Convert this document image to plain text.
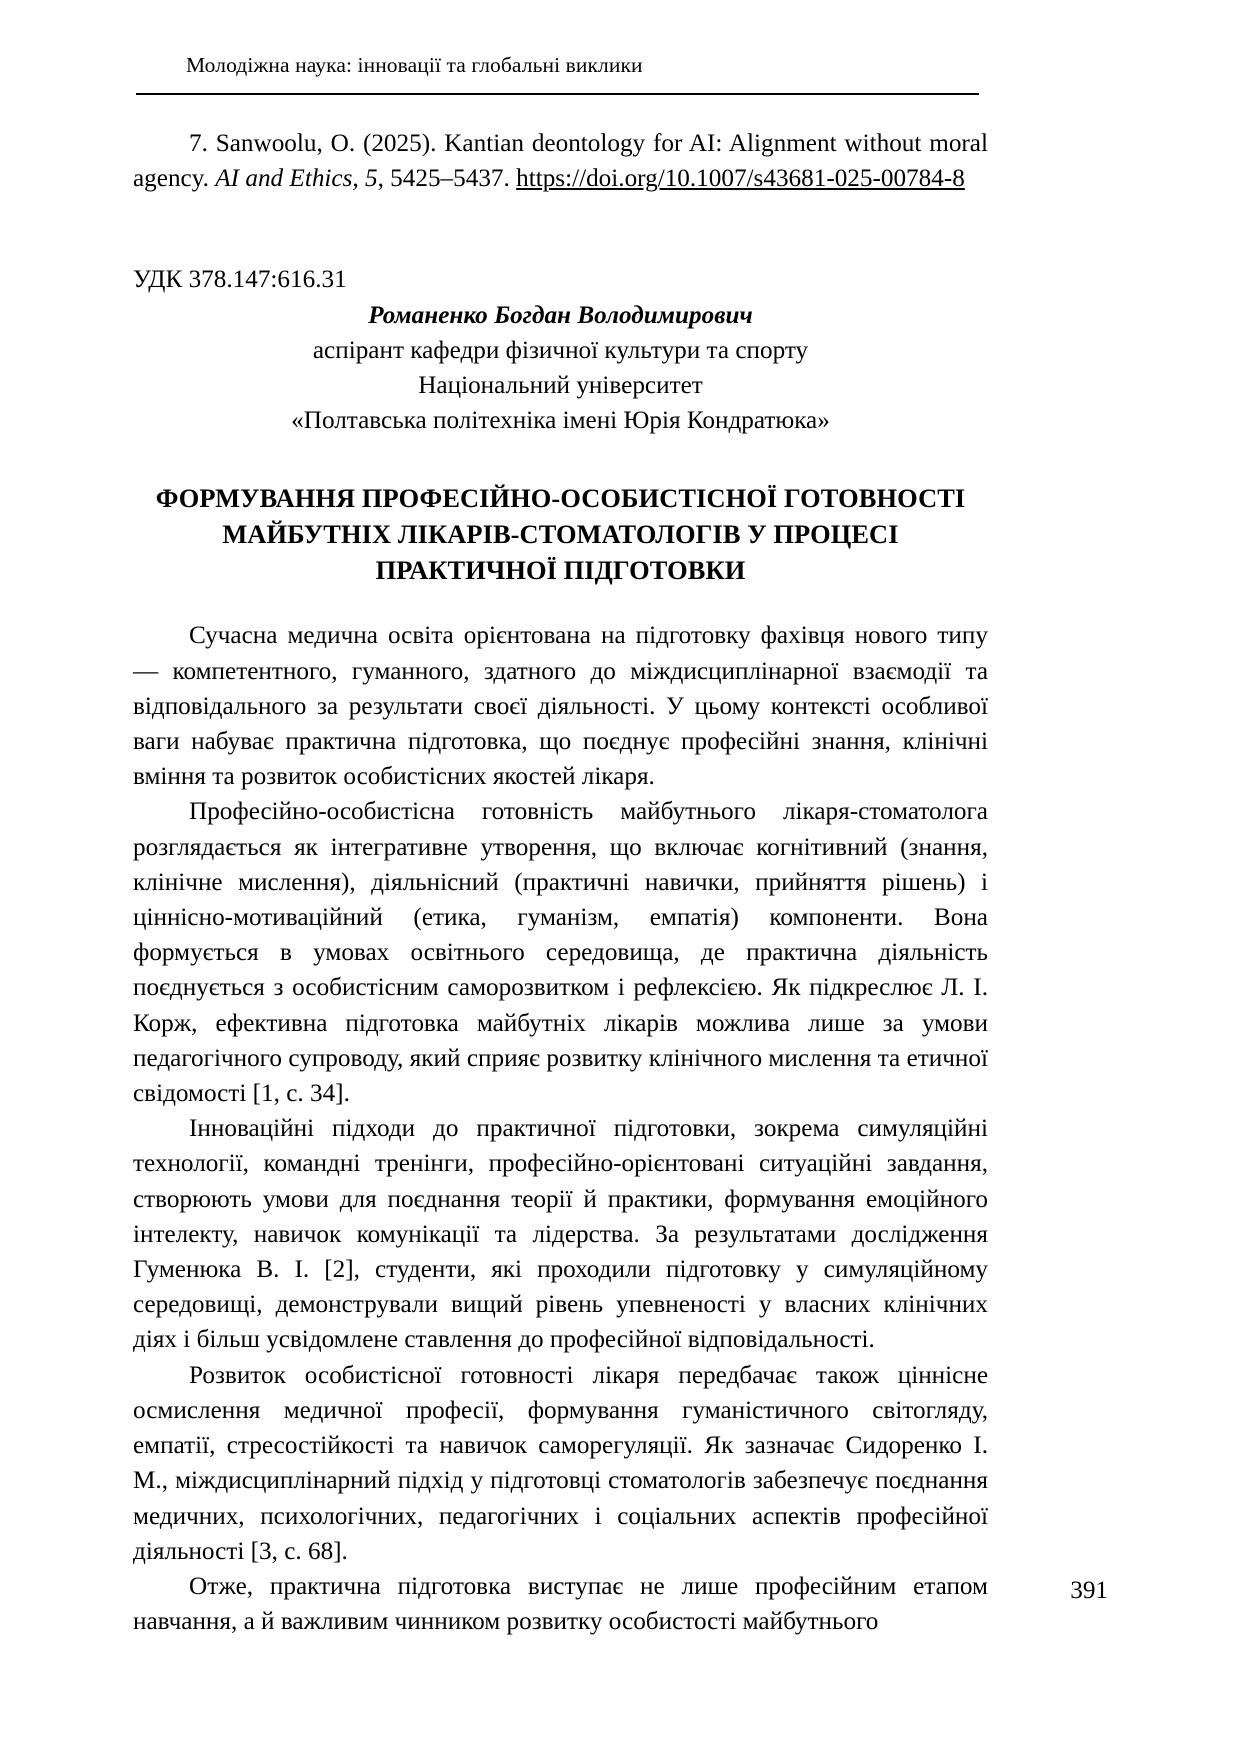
Молодіжна наука: інновації та глобальні виклики

7. Sanwoolu, O. (2025). Kantian deontology for AI: Alignment without moral agency. AI and Ethics, 5, 5425–5437. https://doi.org/10.1007/s43681-025-00784-8

УДК 378.147:616.31

Романенко Богдан Володимирович
аспірант кафедри фізичної культури та спорту
Національний університет
«Полтавська політехніка імені Юрія Кондратюка»
ФОРМУВАННЯ ПРОФЕСІЙНО-ОСОБИСТІСНОЇ ГОТОВНОСТІ
МАЙБУТНІХ ЛІКАРІВ-СТОМАТОЛОГІВ У ПРОЦЕСІ
ПРАКТИЧНОЇ ПІДГОТОВКИ

Сучасна медична освіта орієнтована на підготовку фахівця нового типу — компетентного, гуманного, здатного до міждисциплінарної взаємодії та відповідального за результати своєї діяльності. У цьому контексті особливої ваги набуває практична підготовка, що поєднує професійні знання, клінічні вміння та розвиток особистісних якостей лікаря.

Професійно-особистісна готовність майбутнього лікаря-стоматолога розглядається як інтегративне утворення, що включає когнітивний (знання, клінічне мислення), діяльнісний (практичні навички, прийняття рішень) і ціннісно-мотиваційний (етика, гуманізм, емпатія) компоненти. Вона формується в умовах освітнього середовища, де практична діяльність поєднується з особистісним саморозвитком і рефлексією. Як підкреслює Л. І. Корж, ефективна підготовка майбутніх лікарів можлива лише за умови педагогічного супроводу, який сприяє розвитку клінічного мислення та етичної свідомості [1, с. 34].

Інноваційні підходи до практичної підготовки, зокрема симуляційні технології, командні тренінги, професійно-орієнтовані ситуаційні завдання, створюють умови для поєднання теорії й практики, формування емоційного інтелекту, навичок комунікації та лідерства. За результатами дослідження Гуменюка В. І. [2], студенти, які проходили підготовку у симуляційному середовищі, демонстрували вищий рівень упевненості у власних клінічних діях і більш усвідомлене ставлення до професійної відповідальності.

Розвиток особистісної готовності лікаря передбачає також ціннісне осмислення медичної професії, формування гуманістичного світогляду, емпатії, стресостійкості та навичок саморегуляції. Як зазначає Сидоренко І. М., міждисциплінарний підхід у підготовці стоматологів забезпечує поєднання медичних, психологічних, педагогічних і соціальних аспектів професійної діяльності [3, с. 68].

Отже, практична підготовка виступає не лише професійним етапом навчання, а й важливим чинником розвитку особистості майбутнього

391
